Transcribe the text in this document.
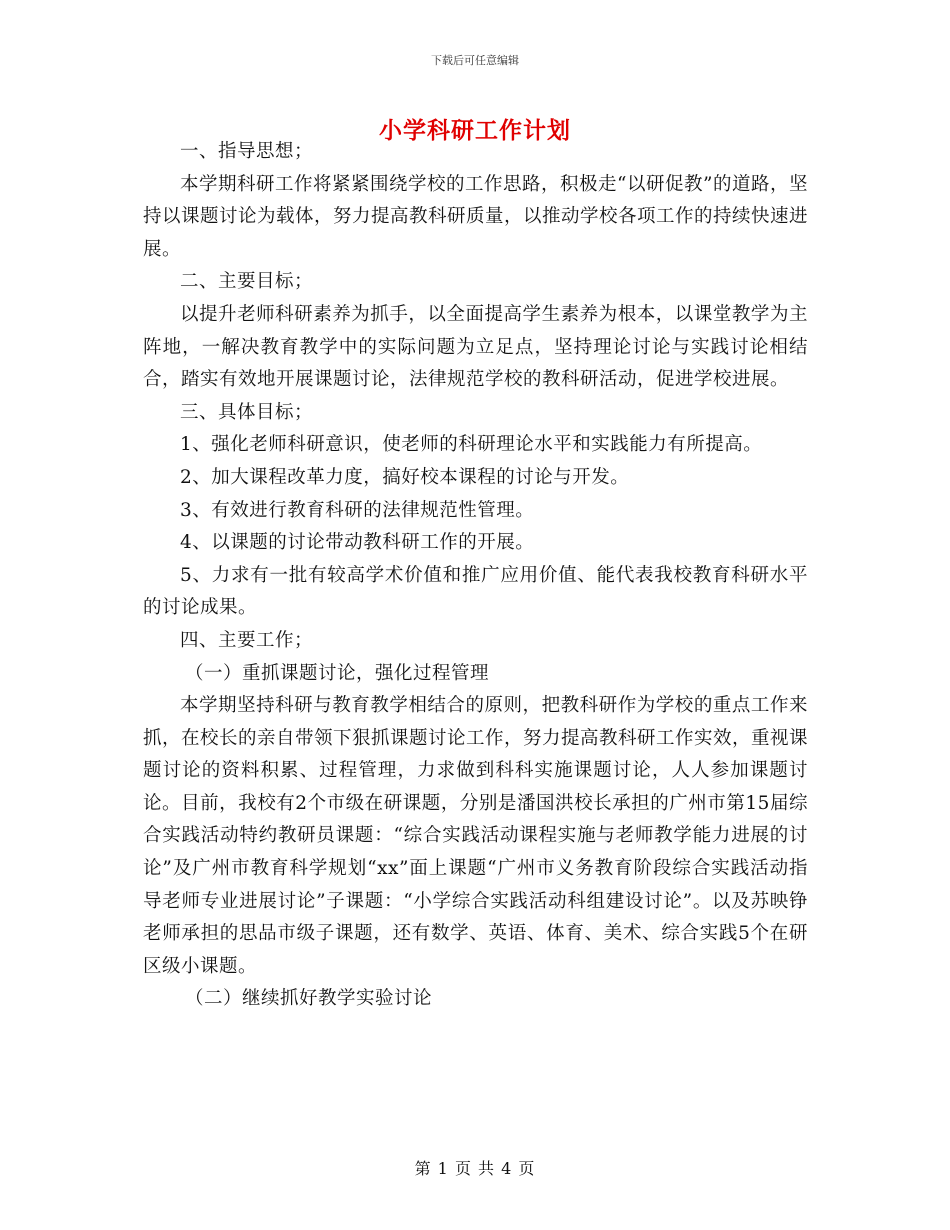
下载后可任意编辑
小学科研工作计划

一、指导思想；

本学期科研工作将紧紧围绕学校的工作思路，积极走“以研促教”的道路，坚持以课题讨论为载体，努力提高教科研质量，以推动学校各项工作的持续快速进展。

二、主要目标；

以提升老师科研素养为抓手，以全面提高学生素养为根本，以课堂教学为主阵地，一解决教育教学中的实际问题为立足点，坚持理论讨论与实践讨论相结合，踏实有效地开展课题讨论，法律规范学校的教科研活动，促进学校进展。

三、具体目标；

1、强化老师科研意识，使老师的科研理论水平和实践能力有所提高。

2、加大课程改革力度，搞好校本课程的讨论与开发。

3、有效进行教育科研的法律规范性管理。

4、以课题的讨论带动教科研工作的开展。

5、力求有一批有较高学术价值和推广应用价值、能代表我校教育科研水平的讨论成果。

四、主要工作；

（一）重抓课题讨论，强化过程管理

本学期坚持科研与教育教学相结合的原则，把教科研作为学校的重点工作来抓，在校长的亲自带领下狠抓课题讨论工作，努力提高教科研工作实效，重视课题讨论的资料积累、过程管理，力求做到科科实施课题讨论，人人参加课题讨论。目前，我校有2个市级在研课题，分别是潘国洪校长承担的广州市第15届综合实践活动特约教研员课题：“综合实践活动课程实施与老师教学能力进展的讨论”及广州市教育科学规划“xx”面上课题“广州市义务教育阶段综合实践活动指导老师专业进展讨论”子课题：“小学综合实践活动科组建设讨论”。以及苏映铮老师承担的思品市级子课题，还有数学、英语、体育、美术、综合实践5个在研区级小课题。

（二）继续抓好教学实验讨论

第 1 页 共 4 页
